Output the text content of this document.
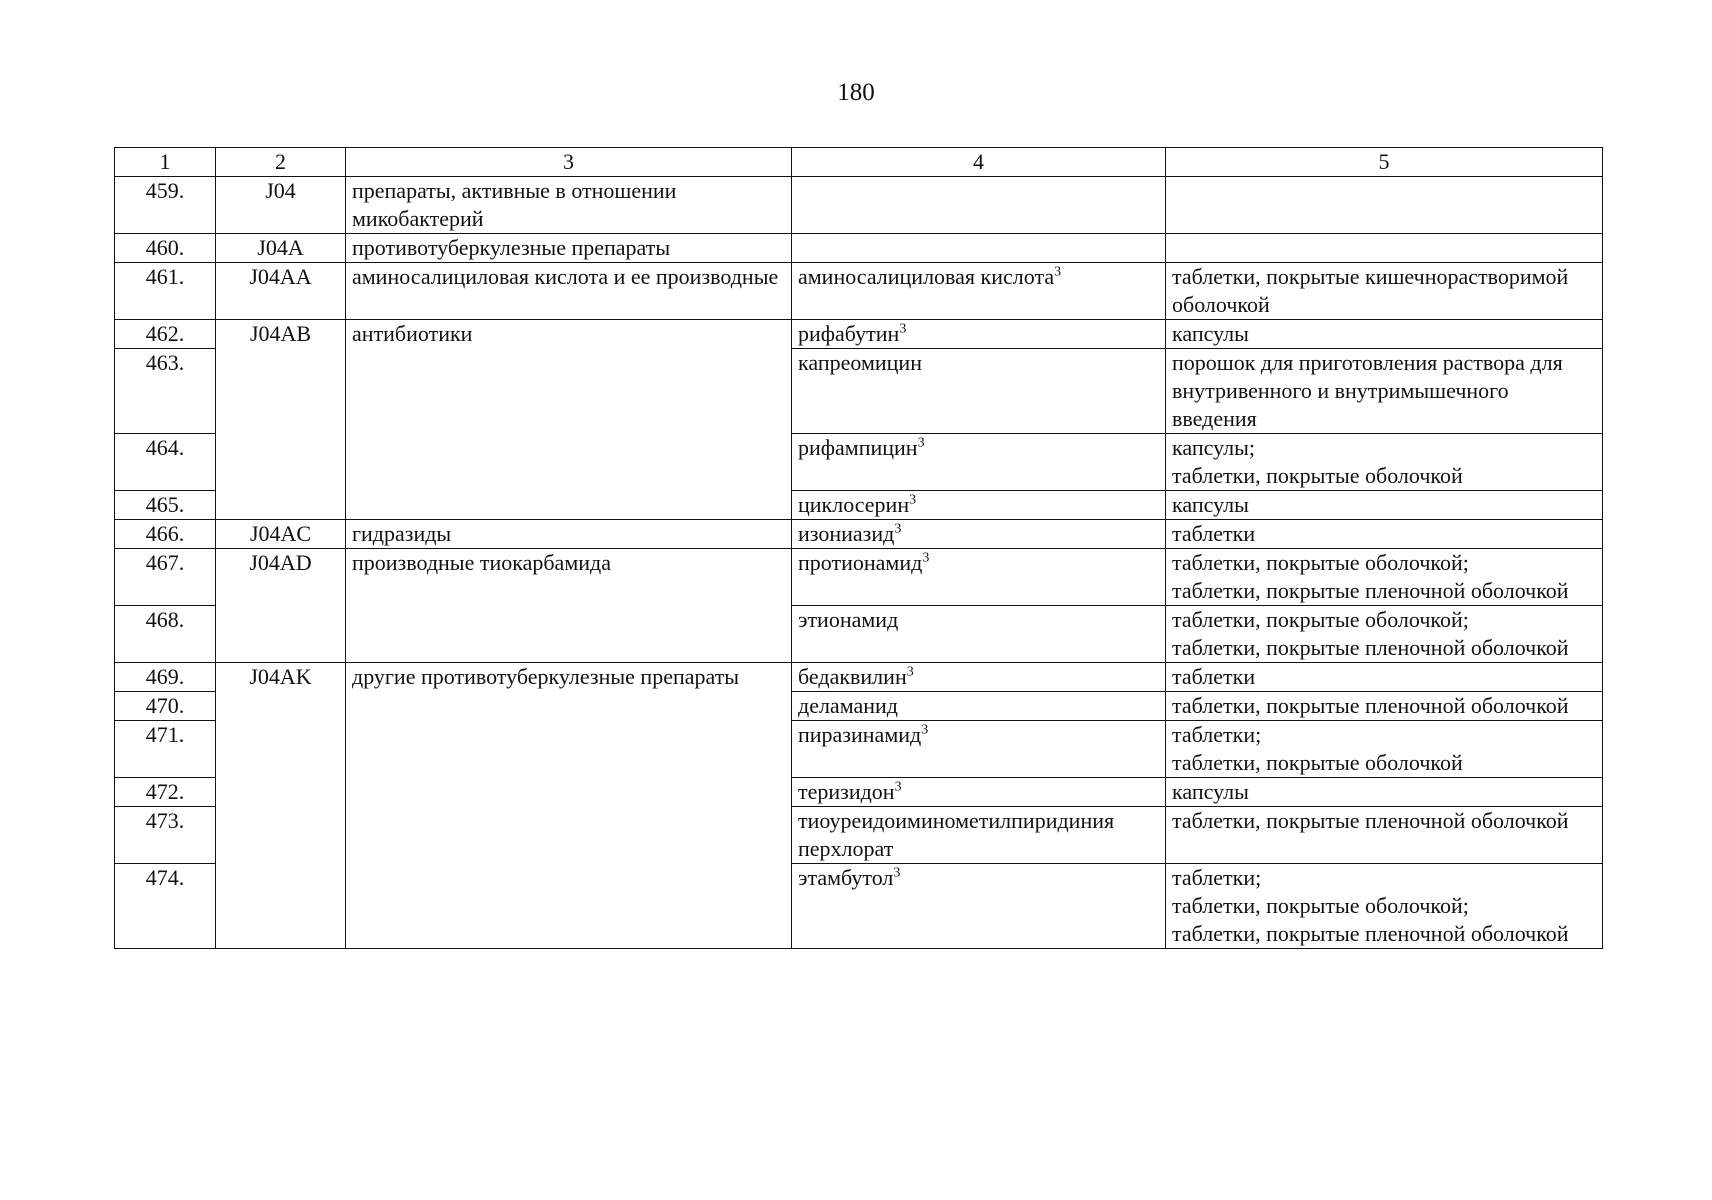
180
1	2	3	4	5
459.	J04	препараты, активные в отношении микобактерий		
460.	J04A	противотуберкулезные препараты		
461.	J04AA	аминосалициловая кислота и ее производные	аминосалициловая кислота$^3$	таблетки, покрытые кишечнорастворимой оболочкой

462.	J04AB	антибиотики	рифабутин$^3$	капсулы

463.			капреомицин	порошок для приготовления раствора для внутривенного и внутримышечного введения

464.			рифампицин$^3$	капсулы;
таблетки, покрытые оболочкой

465.			циклосерин$^3$	капсулы

466.	J04AC	гидразиды	изониазид$^3$	таблетки

467.	J04AD	производные тиокарбамида	протионамид$^3$	таблетки, покрытые оболочкой;
таблетки, покрытые пленочной оболочкой

468.			этионамид	таблетки, покрытые оболочкой;
таблетки, покрытые пленочной оболочкой

469.	J04AK	другие противотуберкулезные препараты	бедаквилин$^3$	таблетки

470.			деламанид	таблетки, покрытые пленочной оболочкой

471.			пиразинамид$^3$	таблетки;
таблетки, покрытые оболочкой

472.			теризидон$^3$	капсулы

473.			тиоуреидоиминометилпиридиния перхлорат	таблетки, покрытые пленочной оболочкой

474.			этамбутол$^3$	таблетки;
таблетки, покрытые оболочкой;
таблетки, покрытые пленочной оболочкой
